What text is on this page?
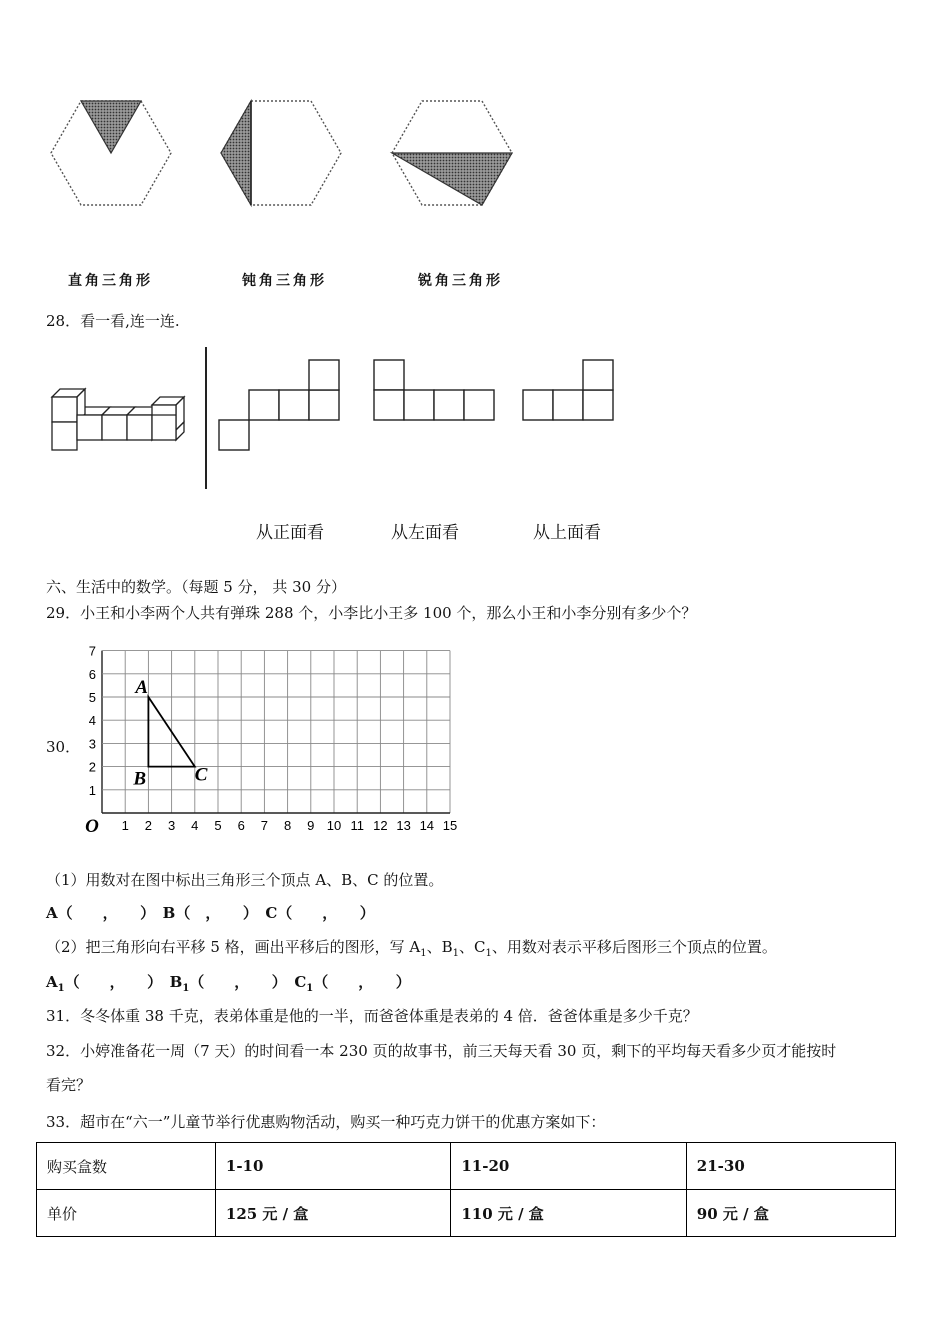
直角三角形	钝角三角形	锐角三角形
28．看一看,连一连.
从正面看	从左面看	从上面看
六、生活中的数学。（每题 5 分， 共 30 分）
29．小王和小李两个人共有弹珠 288 个，小李比小王多 100 个，那么小王和小李分别有多少个？
30．
1 2 3 4 5 6 7 8 9 10 11 12 13 14 15
1
2
3
4
5
6
7
O
A
B	C
（1）用数对在图中标出三角形三个顶点 A、B、C 的位置。
A（　　，　　）　B（　，　　）　C（　　，　　）
（2）把三角形向右平移 5 格，画出平移后的图形，写 $A_1$、$B_1$、$C_1$、用数对表示平移后图形三个顶点的位置。
$A_1$（　　，　　）　 $B_1$（　　，　　）　 $C_1$（　　，　　）
31．冬冬体重 38 千克，表弟体重是他的一半，而爸爸体重是表弟的 4 倍．爸爸体重是多少千克？
32．小婷准备花一周（7 天）的时间看一本 230 页的故事书，前三天每天看 30 页，剩下的平均每天看多少页才能按时
看完？
33．超市在“六一”儿童节举行优惠购物活动，购买一种巧克力饼干的优惠方案如下：
购买盒数	1-10	11-20	21-30
单价	125 元 / 盒	110 元 / 盒	90 元 / 盒
